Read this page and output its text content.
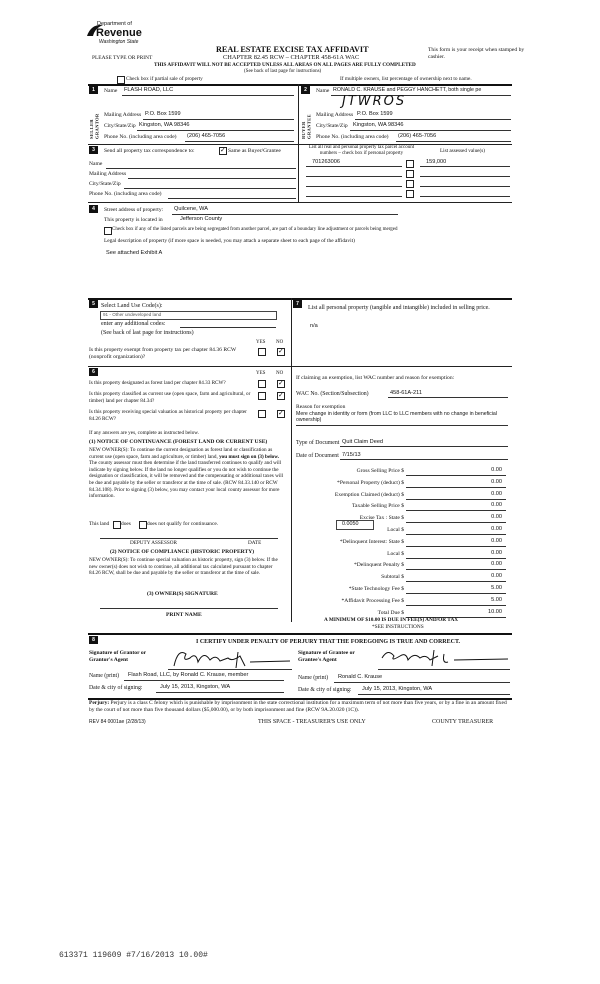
Department of
Revenue
Washington State
REAL ESTATE EXCISE TAX AFFIDAVIT
CHAPTER 82.45 RCW – CHAPTER 458-61A WAC
This form is your receipt when stamped by cashier.
PLEASE TYPE OR PRINT
THIS AFFIDAVIT WILL NOT BE ACCEPTED UNLESS ALL AREAS ON ALL PAGES ARE FULLY COMPLETED
(See back of last page for instructions)
Check box if partial sale of property	If multiple owners, list percentage of ownership next to name.
1
SELLER GRANTOR
Name FLASH ROAD, LLC
Mailing Address P.O. Box 1599
City/State/Zip Kingston, WA 98346
Phone No. (including area code) (206) 465-7056
2
BUYER GRANTEE
Name RONALD C. KRAUSE and PEGGY HANCHETT, both single pe
JTWROS
Mailing Address P.O. Box 1599
City/State/Zip Kingston, WA 98346
Phone No. (including area code) (206) 465-7056
3	Send all property tax correspondence to:
✓	Same as Buyer/Grantee
List all real and personal property tax parcel account numbers – check box if personal property	List assessed value(s)
Name
Mailing Address
City/State/Zip
Phone No. (including area code)
701263006	159,000
4	Street address of property: Quilcene, WA
This property is located in	Jefferson County
Check box if any of the listed parcels are being segregated from another parcel, are part of a boundary line adjustment or parcels being merged
Legal description of property (if more space is needed, you may attach a separate sheet to each page of the affidavit)
See attached Exhibit A
5	Select Land Use Code(s):
91 - Other undeveloped land
enter any additional codes:
(See back of last page for instructions)
YES NO
Is this property exempt from property tax per chapter 84.36 RCW (nonprofit organization)?
✓
6	YES NO
Is this property designated as forest land per chapter 84.33 RCW?
✓
Is this property classified as current use (open space, farm and agricultural, or timber) land per chapter 84.34?
✓
Is this property receiving special valuation as historical property per chapter 84.26 RCW?
✓
If any answers are yes, complete as instructed below.
(1) NOTICE OF CONTINUANCE (FOREST LAND OR CURRENT USE)
NEW OWNER(S): To continue the current designation as forest land or classification as current use (open space, farm and agriculture, or timber) land, you must sign on (3) below. The county assessor must then determine if the land transferred continues to qualify and will indicate by signing below. If the land no longer qualifies or you do not wish to continue the designation or classification, it will be removed and the compensating or additional taxes will be due and payable by the seller or transferor at the time of sale. (RCW 84.33.140 or RCW 84.34.108). Prior to signing (3) below, you may contact your local county assessor for more information.
This land does	does not qualify for continuance.
DEPUTY ASSESSOR	DATE
(2) NOTICE OF COMPLIANCE (HISTORIC PROPERTY)
NEW OWNER(S): To continue special valuation as historic property, sign (3) below. If the new owner(s) does not wish to continue, all additional tax calculated pursuant to chapter 84.26 RCW, shall be due and payable by the seller or transferor at the time of sale.
(3) OWNER(S) SIGNATURE
PRINT NAME
7
List all personal property (tangible and intangible) included in selling price.
n/a
If claiming an exemption, list WAC number and reason for exemption:
WAC No. (Section/Subsection)	458-61A-211
Reason for exemption
Mere change in identity or form (from LLC to LLC members with no change in beneficial ownership)
Type of Document Quit Claim Deed
Date of Document 7/15/13
Gross Selling Price $	0.00
*Personal Property (deduct) $	0.00
Exemption Claimed (deduct) $	0.00
Taxable Selling Price $	0.00
Excise Tax : State $	0.00
Local $	0.00
*Delinquent Interest: State $	0.00
Local $	0.00
*Delinquent Penalty $	0.00
Subtotal $	0.00
*State Technology Fee $	5.00
*Affidavit Processing Fee $	5.00
Total Due $	10.00
0.0050
A MINIMUM OF $10.00 IS DUE IN FEE(S) AND/OR TAX
*SEE INSTRUCTIONS
8	I CERTIFY UNDER PENALTY OF PERJURY THAT THE FOREGOING IS TRUE AND CORRECT.
Signature of Grantor or Grantor's Agent
Signature of Grantee or Grantee's Agent
Name (print) Flash Road, LLC, by Ronald C. Krause, member	Name (print) Ronald C. Krause
Date & city of signing:	July 15, 2013, Kingston, WA	Date & city of signing: July 15, 2013, Kingston, WA
Perjury: Perjury is a class C felony which is punishable by imprisonment in the state correctional institution for a maximum term of not more than five years, or by a fine in an amount fixed by the court of not more than five thousand dollars ($5,000.00), or by both imprisonment and fine (RCW 9A.20.020 (1C)).
REV 84 0001ae (2/28/13)	THIS SPACE - TREASURER'S USE ONLY	COUNTY TREASURER
613371 119609 #7/16/2013 10.00#
